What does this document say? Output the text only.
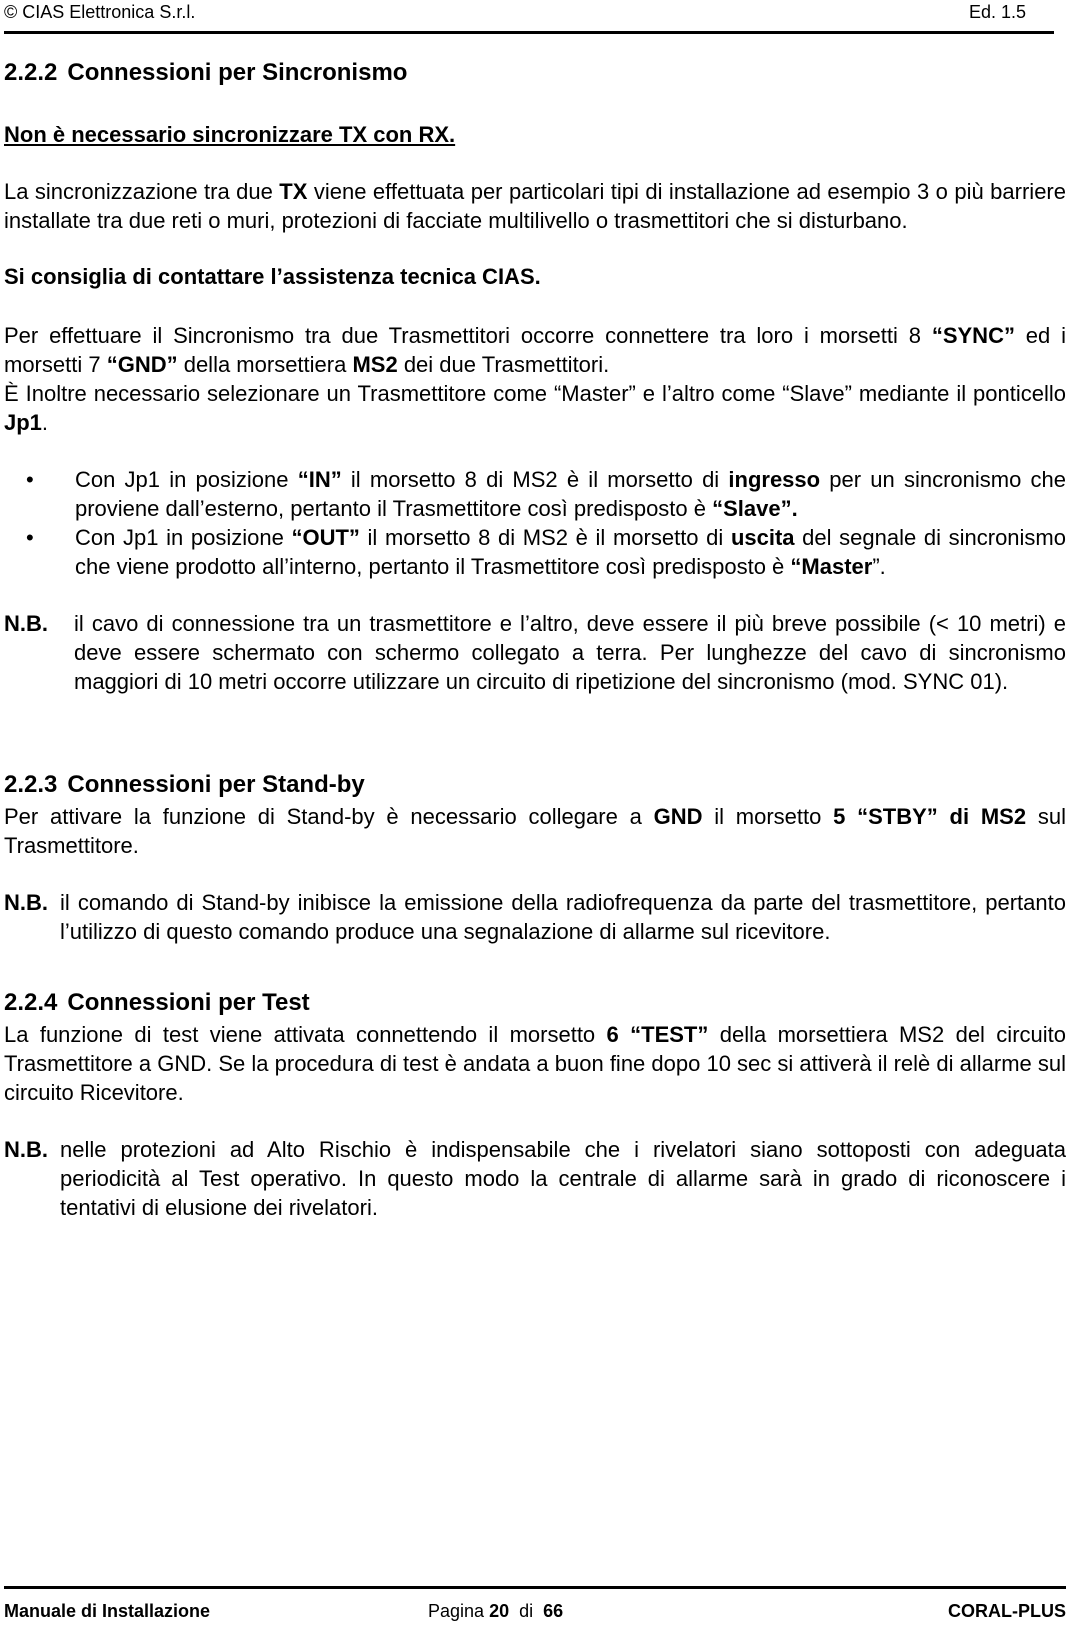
© CIAS Elettronica S.r.l.	Ed. 1.5
2.2.2 Connessioni per Sincronismo

Non è necessario sincronizzare TX con RX.

La sincronizzazione tra due TX viene effettuata per particolari tipi di installazione ad esempio 3 o più barriere installate tra due reti o muri, protezioni di facciate multilivello o trasmettitori che si disturbano.

Si consiglia di contattare l’assistenza tecnica CIAS.

Per effettuare il Sincronismo tra due Trasmettitori occorre connettere tra loro i morsetti 8 “SYNC” ed i morsetti 7 “GND” della morsettiera MS2 dei due Trasmettitori.

È Inoltre necessario selezionare un Trasmettitore come “Master” e l’altro come “Slave” mediante il ponticello Jp1.

• Con Jp1 in posizione “IN” il morsetto 8 di MS2 è il morsetto di ingresso per un sincronismo che proviene dall’esterno, pertanto il Trasmettitore così predisposto è “Slave”.
• Con Jp1 in posizione “OUT” il morsetto 8 di MS2 è il morsetto di uscita del segnale di sincronismo che viene prodotto all’interno, pertanto il Trasmettitore così predisposto è “Master”.
N.B. il cavo di connessione tra un trasmettitore e l’altro, deve essere il più breve possibile (< 10 metri) e deve essere schermato con schermo collegato a terra. Per lunghezze del cavo di sincronismo maggiori di 10 metri occorre utilizzare un circuito di ripetizione del sincronismo (mod. SYNC 01).
2.2.3 Connessioni per Stand-by

Per attivare la funzione di Stand-by è necessario collegare a GND il morsetto 5 “STBY” di MS2 sul Trasmettitore.

N.B. il comando di Stand-by inibisce la emissione della radiofrequenza da parte del trasmettitore, pertanto l’utilizzo di questo comando produce una segnalazione di allarme sul ricevitore.
2.2.4 Connessioni per Test

La funzione di test viene attivata connettendo il morsetto 6 “TEST” della morsettiera MS2 del circuito Trasmettitore a GND. Se la procedura di test è andata a buon fine dopo 10 sec si attiverà il relè di allarme sul circuito Ricevitore.

N.B. nelle protezioni ad Alto Rischio è indispensabile che i rivelatori siano sottoposti con adeguata periodicità al Test operativo. In questo modo la centrale di allarme sarà in grado di riconoscere i tentativi di elusione dei rivelatori.
Manuale di Installazione	Pagina 20 di 66	CORAL-PLUS
